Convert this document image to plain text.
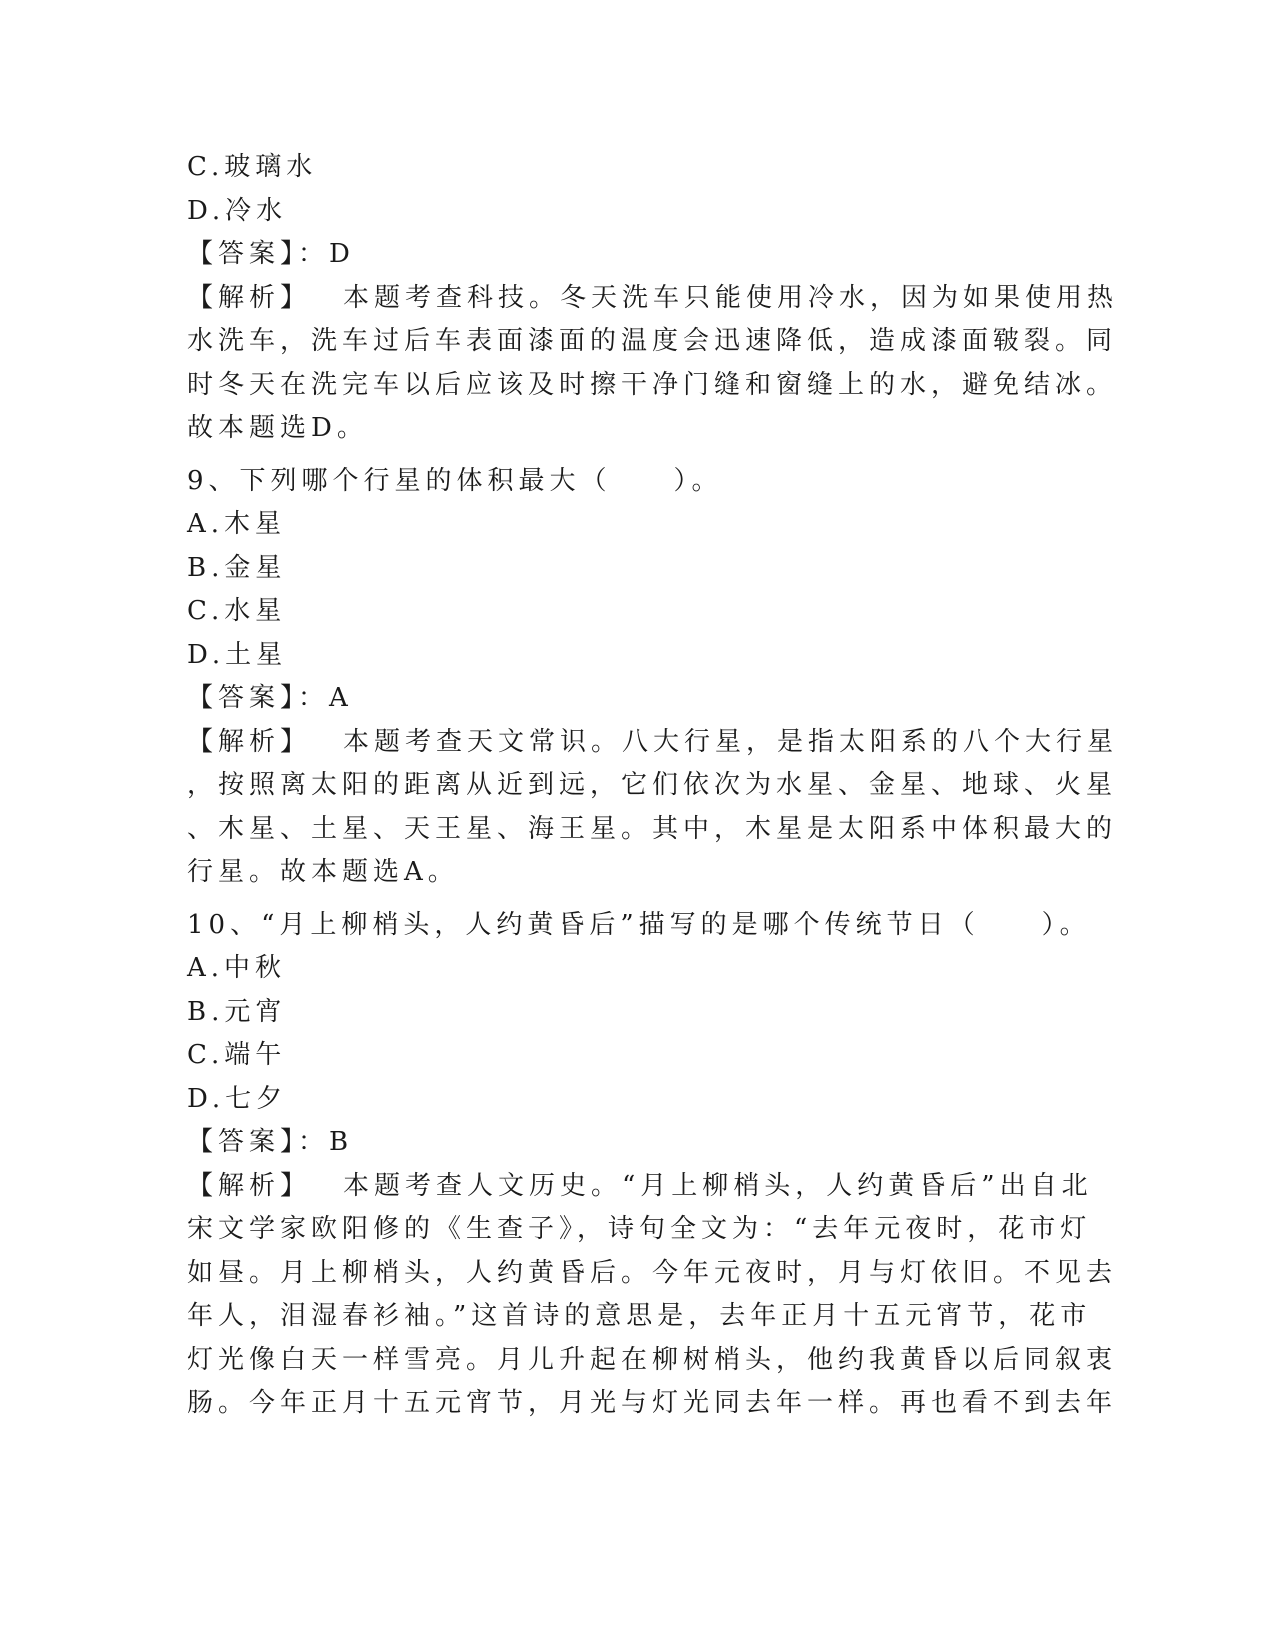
C.玻璃水

D.冷水

【答案】：D

【解析】 本题考查科技。冬天洗车只能使用冷水，因为如果使用热

水洗车，洗车过后车表面漆面的温度会迅速降低，造成漆面皲裂。同

时冬天在洗完车以后应该及时擦干净门缝和窗缝上的水，避免结冰。

故本题选D。

9、下列哪个行星的体积最大（　　）。

A.木星

B.金星

C.水星

D.土星

【答案】：A

【解析】 本题考查天文常识。八大行星，是指太阳系的八个大行星

，按照离太阳的距离从近到远，它们依次为水星、金星、地球、火星

、木星、土星、天王星、海王星。其中，木星是太阳系中体积最大的

行星。故本题选A。

10、“月上柳梢头，人约黄昏后”描写的是哪个传统节日（　　）。

A.中秋

B.元宵

C.端午

D.七夕

【答案】：B

【解析】 本题考查人文历史。“月上柳梢头，人约黄昏后”出自北

宋文学家欧阳修的《生查子》，诗句全文为：“去年元夜时，花市灯

如昼。月上柳梢头，人约黄昏后。今年元夜时，月与灯依旧。不见去

年人，泪湿春衫袖。”这首诗的意思是，去年正月十五元宵节，花市

灯光像白天一样雪亮。月儿升起在柳树梢头，他约我黄昏以后同叙衷

肠。今年正月十五元宵节，月光与灯光同去年一样。再也看不到去年
